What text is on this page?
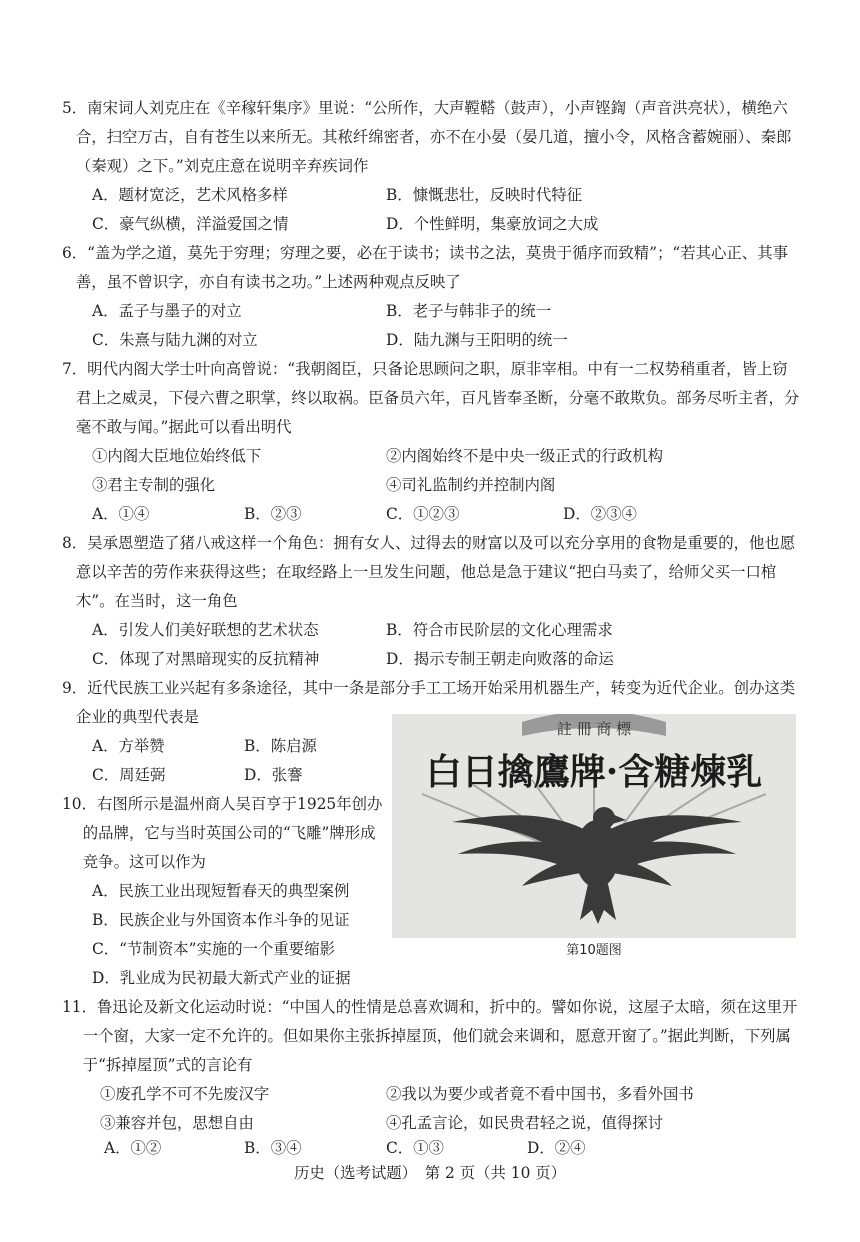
5．南宋词人刘克庄在《辛稼轩集序》里说：“公所作，大声鞺鞳（鼓声），小声铿鍧（声音洪亮状），横绝六合，扫空万古，自有苍生以来所无。其秾纤绵密者，亦不在小晏（晏几道，擅小令，风格含蓄婉丽）、秦郎（秦观）之下。”刘克庄意在说明辛弃疾词作
A．题材宽泛，艺术风格多样	B．慷慨悲壮，反映时代特征
C．豪气纵横，洋溢爱国之情	D．个性鲜明，集豪放词之大成
6．“盖为学之道，莫先于穷理；穷理之要，必在于读书；读书之法，莫贵于循序而致精”；“若其心正、其事善，虽不曾识字，亦自有读书之功。”上述两种观点反映了
A．孟子与墨子的对立	B．老子与韩非子的统一
C．朱熹与陆九渊的对立	D．陆九渊与王阳明的统一
7．明代内阁大学士叶向高曾说：“我朝阁臣，只备论思顾问之职，原非宰相。中有一二权势稍重者，皆上窃君上之威灵，下侵六曹之职掌，终以取祸。臣备员六年，百凡皆奉圣断，分毫不敢欺负。部务尽听主者，分毫不敢与闻。”据此可以看出明代
①内阁大臣地位始终低下	②内阁始终不是中央一级正式的行政机构
③君主专制的强化	④司礼监制约并控制内阁
A．①④	B．②③	C．①②③	D．②③④
8．吴承恩塑造了猪八戒这样一个角色：拥有女人、过得去的财富以及可以充分享用的食物是重要的，他也愿意以辛苦的劳作来获得这些；在取经路上一旦发生问题，他总是急于建议“把白马卖了，给师父买一口棺木”。在当时，这一角色
A．引发人们美好联想的艺术状态	B．符合市民阶层的文化心理需求
C．体现了对黑暗现实的反抗精神	D．揭示专制王朝走向败落的命运
9．近代民族工业兴起有多条途径，其中一条是部分手工工场开始采用机器生产，转变为近代企业。创办这类企业的典型代表是
A．方举赞	B．陈启源
C．周廷弼	D．张謇
10．右图所示是温州商人吴百亨于1925年创办的品牌，它与当时英国公司的“飞雕”牌形成竞争。这可以作为
A．民族工业出现短暂春天的典型案例
B．民族企业与外国资本作斗争的见证
C．“节制资本”实施的一个重要缩影
D．乳业成为民初最大新式产业的证据
註 冊 商 標
白日擒鷹牌·含糖煉乳
第10题图
11．鲁迅论及新文化运动时说：“中国人的性情是总喜欢调和，折中的。譬如你说，这屋子太暗，须在这里开一个窗，大家一定不允许的。但如果你主张拆掉屋顶，他们就会来调和，愿意开窗了。”据此判断，下列属于“拆掉屋顶”式的言论有
①废孔学不可不先废汉字	②我以为要少或者竟不看中国书，多看外国书
③兼容并包，思想自由	④孔孟言论，如民贵君轻之说，值得探讨
A．①②	B．③④	C．①③	D．②④
历史（选考试题）　第 2 页（共 10 页）
